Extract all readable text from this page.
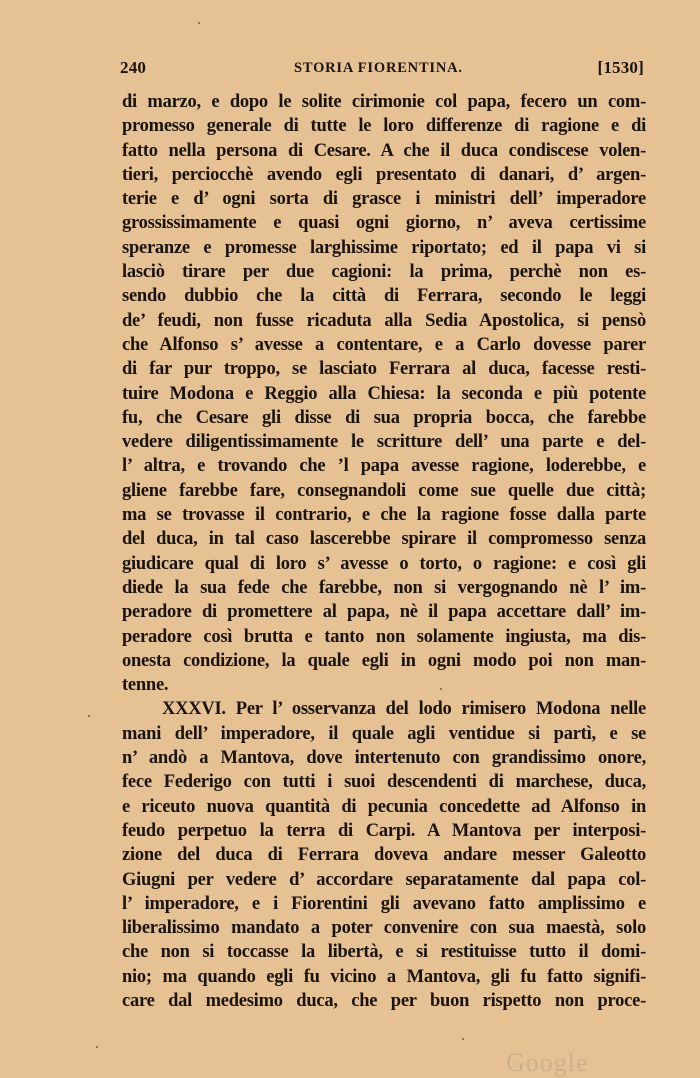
240	STORIA FIORENTINA.	[1530]
di marzo, e dopo le solite cirimonie col papa, fecero un com-
promesso generale di tutte le loro differenze di ragione e di
fatto nella persona di Cesare. A che il duca condiscese volen-
tieri, perciocchè avendo egli presentato di danari, d’ argen-
terie e d’ ogni sorta di grasce i ministri dell’ imperadore
grossissimamente e quasi ogni giorno, n’ aveva certissime
speranze e promesse larghissime riportato; ed il papa vi si
lasciò tirare per due cagioni: la prima, perchè non es-
sendo dubbio che la città di Ferrara, secondo le leggi
de’ feudi, non fusse ricaduta alla Sedia Apostolica, si pensò
che Alfonso s’ avesse a contentare, e a Carlo dovesse parer
di far pur troppo, se lasciato Ferrara al duca, facesse resti-
tuire Modona e Reggio alla Chiesa: la seconda e più potente
fu, che Cesare gli disse di sua propria bocca, che farebbe
vedere diligentissimamente le scritture dell’ una parte e del-
l’ altra, e trovando che ’l papa avesse ragione, loderebbe, e
gliene farebbe fare, consegnandoli come sue quelle due città;
ma se trovasse il contrario, e che la ragione fosse dalla parte
del duca, in tal caso lascerebbe spirare il compromesso senza
giudicare qual di loro s’ avesse o torto, o ragione: e così gli
diede la sua fede che farebbe, non si vergognando nè l’ im-
peradore di promettere al papa, nè il papa accettare dall’ im-
peradore così brutta e tanto non solamente ingiusta, ma dis-
onesta condizione, la quale egli in ogni modo poi non man-
tenne.
XXXVI. Per l’ osservanza del lodo rimisero Modona nelle
mani dell’ imperadore, il quale agli ventidue si partì, e se
n’ andò a Mantova, dove intertenuto con grandissimo onore,
fece Federigo con tutti i suoi descendenti di marchese, duca,
e riceuto nuova quantità di pecunia concedette ad Alfonso in
feudo perpetuo la terra di Carpi. A Mantova per interposi-
zione del duca di Ferrara doveva andare messer Galeotto
Giugni per vedere d’ accordare separatamente dal papa col-
l’ imperadore, e i Fiorentini gli avevano fatto amplissimo e
liberalissimo mandato a poter convenire con sua maestà, solo
che non si toccasse la libertà, e si restituisse tutto il domi-
nio; ma quando egli fu vicino a Mantova, gli fu fatto signifi-
care dal medesimo duca, che per buon rispetto non proce-
Google
